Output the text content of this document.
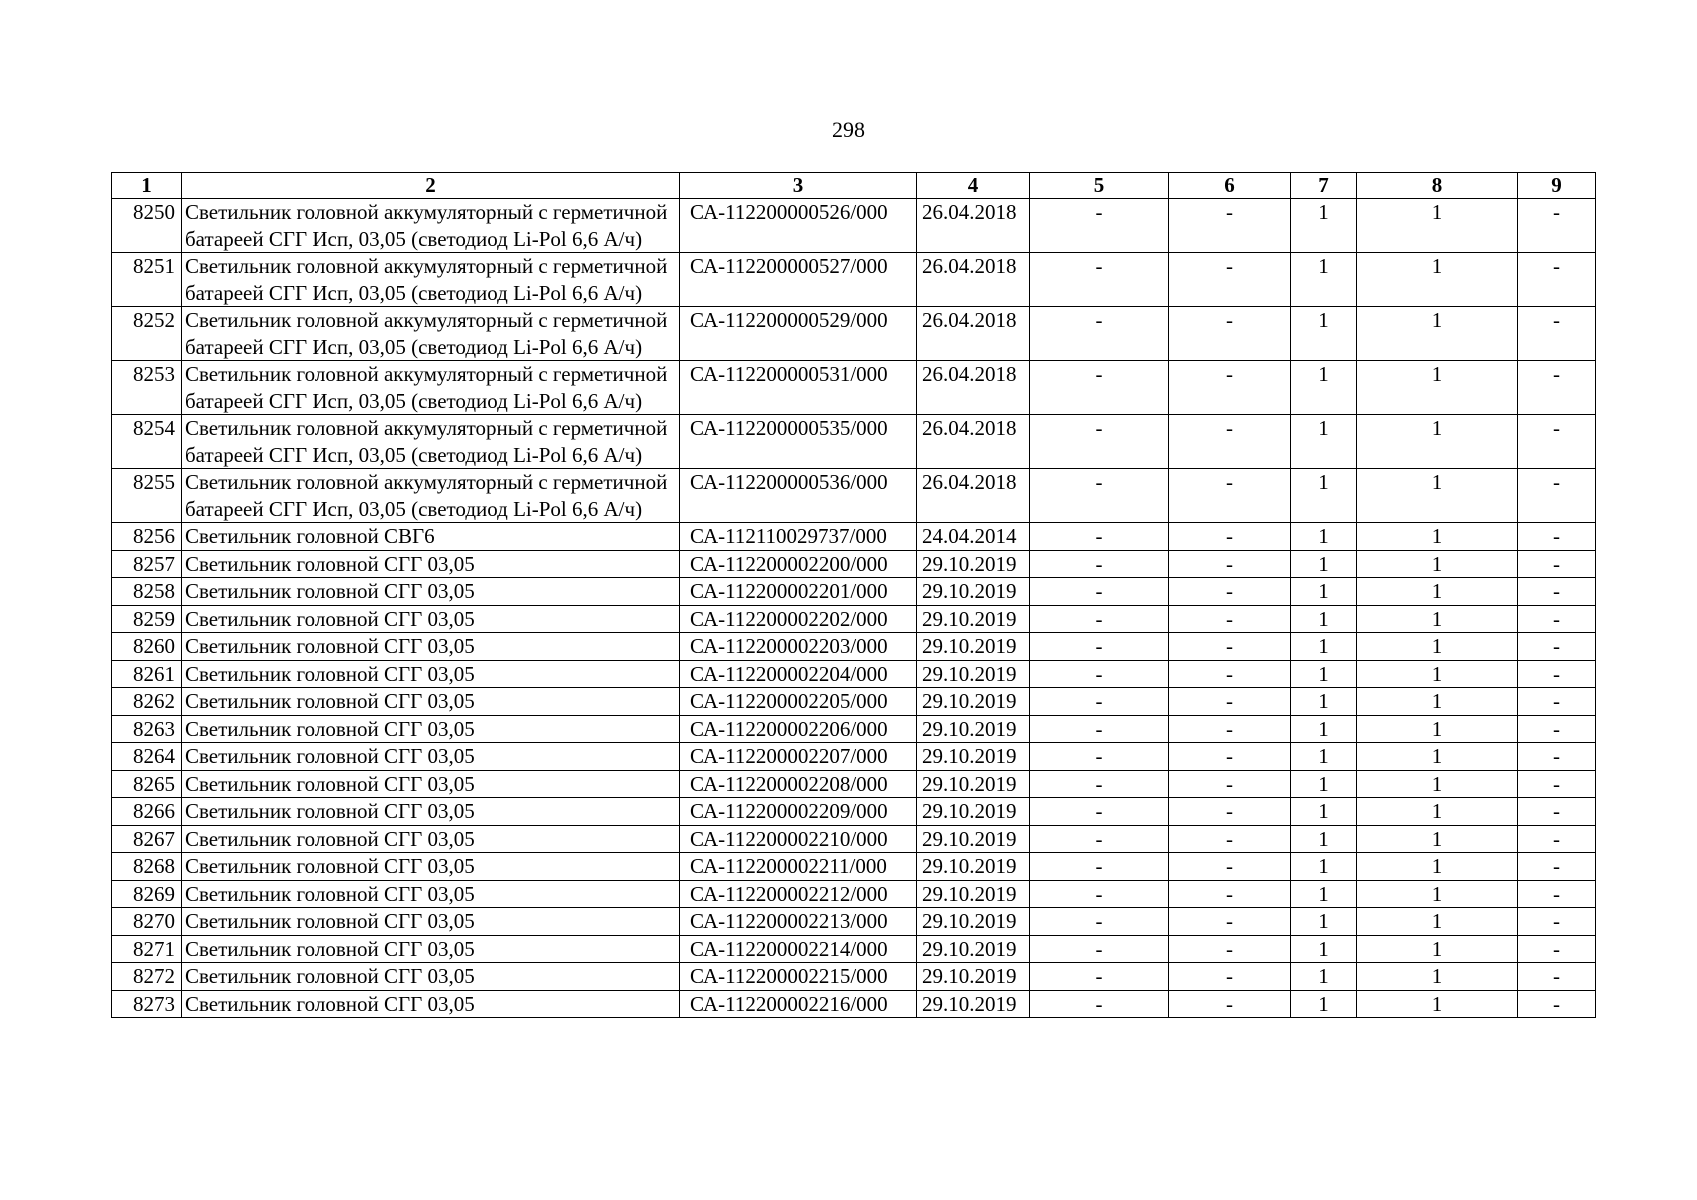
298
1	2	3	4	5	6	7	8	9
8250	Светильник головной аккумуляторный с герметичной батареей СГГ Исп, 03,05 (светодиод Li-Pol 6,6 А/ч)	СА-112200000526/000	26.04.2018	-	-	1	1	-
8251	Светильник головной аккумуляторный с герметичной батареей СГГ Исп, 03,05 (светодиод Li-Pol 6,6 А/ч)	СА-112200000527/000	26.04.2018	-	-	1	1	-
8252	Светильник головной аккумуляторный с герметичной батареей СГГ Исп, 03,05 (светодиод Li-Pol 6,6 А/ч)	СА-112200000529/000	26.04.2018	-	-	1	1	-
8253	Светильник головной аккумуляторный с герметичной батареей СГГ Исп, 03,05 (светодиод Li-Pol 6,6 А/ч)	СА-112200000531/000	26.04.2018	-	-	1	1	-
8254	Светильник головной аккумуляторный с герметичной батареей СГГ Исп, 03,05 (светодиод Li-Pol 6,6 А/ч)	СА-112200000535/000	26.04.2018	-	-	1	1	-
8255	Светильник головной аккумуляторный с герметичной батареей СГГ Исп, 03,05 (светодиод Li-Pol 6,6 А/ч)	СА-112200000536/000	26.04.2018	-	-	1	1	-
8256	Светильник головной СВГ6	СА-112110029737/000	24.04.2014	-	-	1	1	-
8257	Светильник головной СГГ 03,05	СА-112200002200/000	29.10.2019	-	-	1	1	-
8258	Светильник головной СГГ 03,05	СА-112200002201/000	29.10.2019	-	-	1	1	-
8259	Светильник головной СГГ 03,05	СА-112200002202/000	29.10.2019	-	-	1	1	-
8260	Светильник головной СГГ 03,05	СА-112200002203/000	29.10.2019	-	-	1	1	-
8261	Светильник головной СГГ 03,05	СА-112200002204/000	29.10.2019	-	-	1	1	-
8262	Светильник головной СГГ 03,05	СА-112200002205/000	29.10.2019	-	-	1	1	-
8263	Светильник головной СГГ 03,05	СА-112200002206/000	29.10.2019	-	-	1	1	-
8264	Светильник головной СГГ 03,05	СА-112200002207/000	29.10.2019	-	-	1	1	-
8265	Светильник головной СГГ 03,05	СА-112200002208/000	29.10.2019	-	-	1	1	-
8266	Светильник головной СГГ 03,05	СА-112200002209/000	29.10.2019	-	-	1	1	-
8267	Светильник головной СГГ 03,05	СА-112200002210/000	29.10.2019	-	-	1	1	-
8268	Светильник головной СГГ 03,05	СА-112200002211/000	29.10.2019	-	-	1	1	-
8269	Светильник головной СГГ 03,05	СА-112200002212/000	29.10.2019	-	-	1	1	-
8270	Светильник головной СГГ 03,05	СА-112200002213/000	29.10.2019	-	-	1	1	-
8271	Светильник головной СГГ 03,05	СА-112200002214/000	29.10.2019	-	-	1	1	-
8272	Светильник головной СГГ 03,05	СА-112200002215/000	29.10.2019	-	-	1	1	-
8273	Светильник головной СГГ 03,05	СА-112200002216/000	29.10.2019	-	-	1	1	-
